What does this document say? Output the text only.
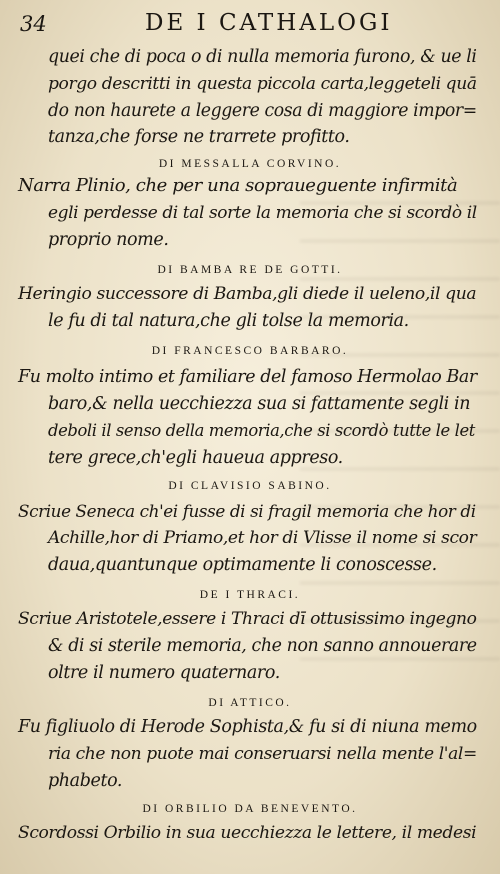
34	DE I CATHALOGI
quei che di poca o di nulla memoria furono, & ue li
porgo descritti in questa piccola carta,leggeteli quā
do non haurete a leggere cosa di maggiore impor=
tanza,che forse ne trarrete profitto.
DI MESSALLA CORVINO.
Narra Plinio, che per una sopraueguente infirmità
egli perdesse di tal sorte la memoria che si scordò il
proprio nome.
DI BAMBA RE DE GOTTI.
Heringio successore di Bamba,gli diede il ueleno,il qua
le fu di tal natura,che gli tolse la memoria.
DI FRANCESCO BARBARO.
Fu molto intimo et familiare del famoso Hermolao Bar
baro,& nella uecchiezza sua si fattamente segli in
deboli il senso della memoria,che si scordò tutte le let
tere grece,ch'egli haueua appreso.
DI CLAVISIO SABINO.
Scriue Seneca ch'ei fusse di si fragil memoria che hor di
Achille,hor di Priamo,et hor di Vlisse il nome si scor
daua,quantunque optimamente li conoscesse.
DE I THRACI.
Scriue Aristotele,essere i Thraci dī ottusissimo ingegno
& di si sterile memoria, che non sanno annouerare
oltre il numero quaternaro.
DI ATTICO.
Fu figliuolo di Herode Sophista,& fu si di niuna memo
ria che non puote mai conseruarsi nella mente l'al=
phabeto.
DI ORBILIO DA BENEVENTO.
Scordossi Orbilio in sua uecchiezza le lettere, il medesi
